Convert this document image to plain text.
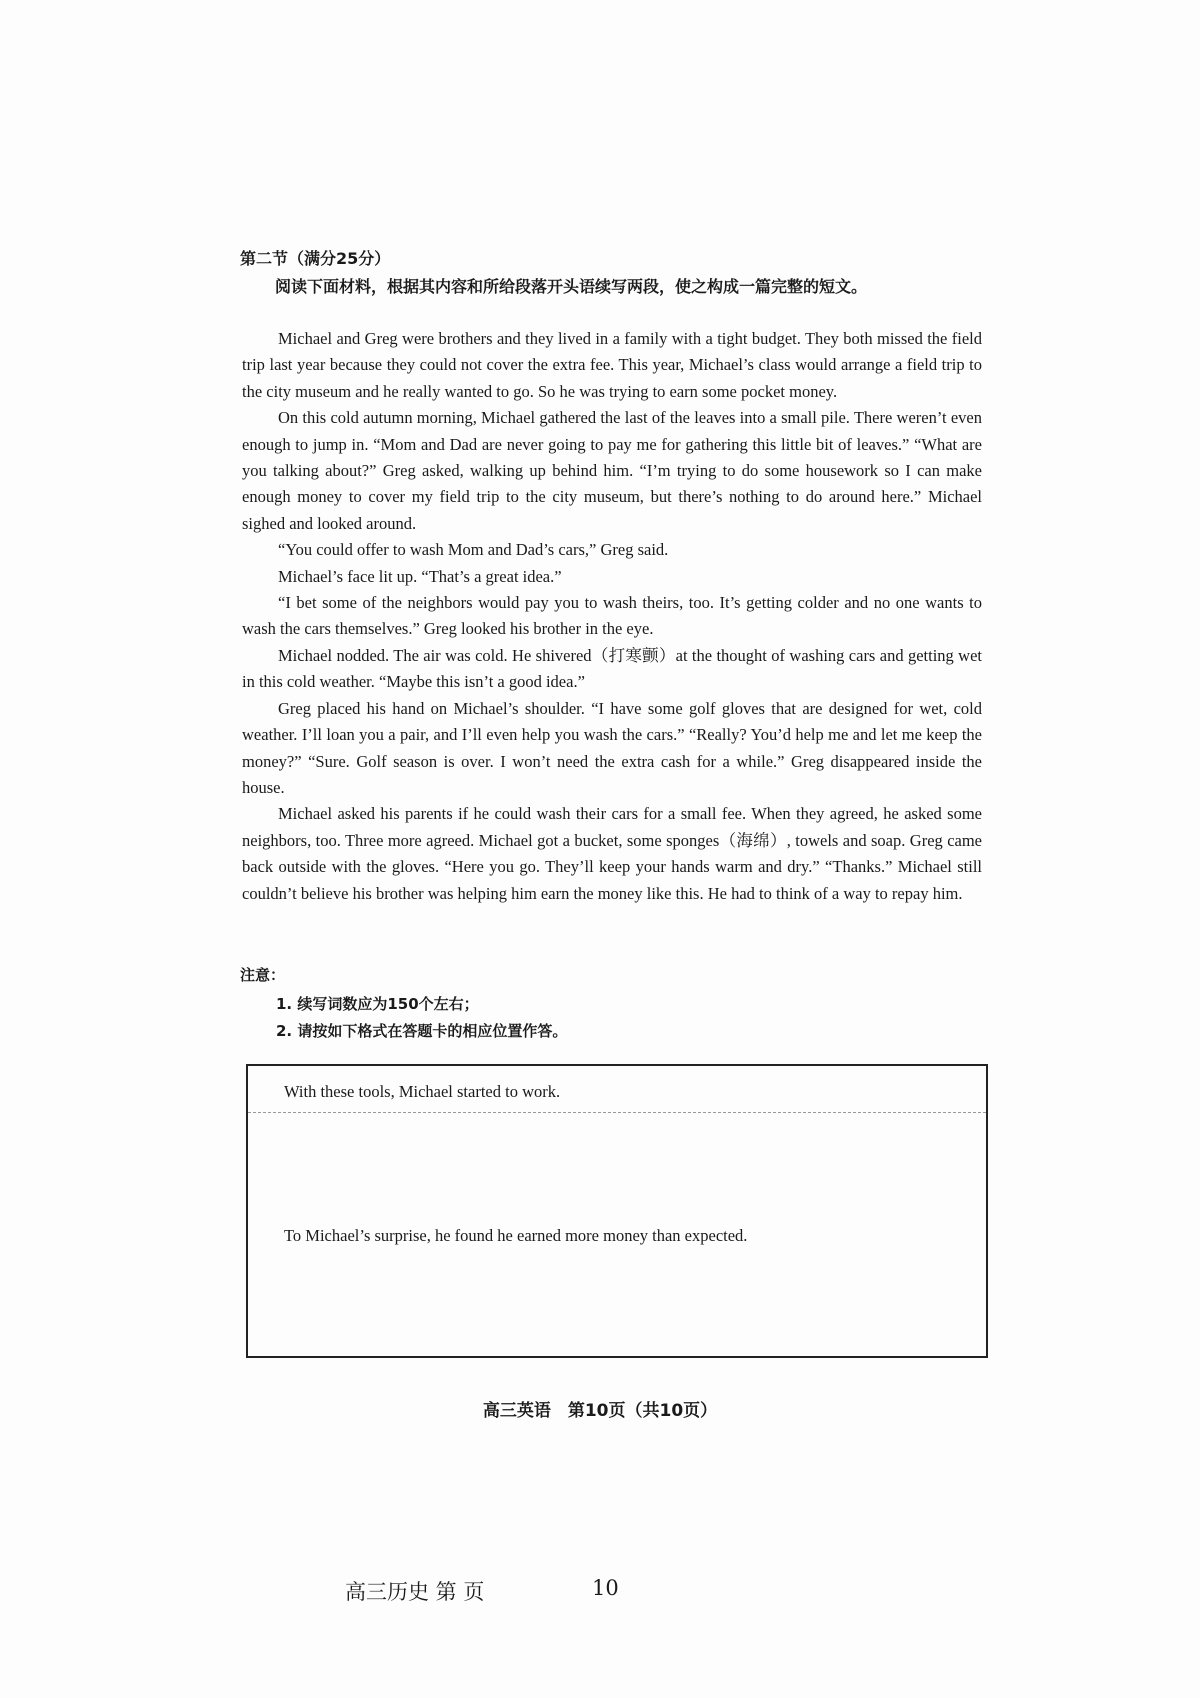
第二节（满分25分）
阅读下面材料，根据其内容和所给段落开头语续写两段，使之构成一篇完整的短文。

Michael and Greg were brothers and they lived in a family with a tight budget. They both missed the field trip last year because they could not cover the extra fee. This year, Michael’s class would arrange a field trip to the city museum and he really wanted to go. So he was trying to earn some pocket money.

On this cold autumn morning, Michael gathered the last of the leaves into a small pile. There weren’t even enough to jump in. “Mom and Dad are never going to pay me for gathering this little bit of leaves.” “What are you talking about?” Greg asked, walking up behind him. “I’m trying to do some housework so I can make enough money to cover my field trip to the city museum, but there’s nothing to do around here.” Michael sighed and looked around.

“You could offer to wash Mom and Dad’s cars,” Greg said.

Michael’s face lit up. “That’s a great idea.”

“I bet some of the neighbors would pay you to wash theirs, too. It’s getting colder and no one wants to wash the cars themselves.” Greg looked his brother in the eye.

Michael nodded. The air was cold. He shivered（打寒颤）at the thought of washing cars and getting wet in this cold weather. “Maybe this isn’t a good idea.”

Greg placed his hand on Michael’s shoulder. “I have some golf gloves that are designed for wet, cold weather. I’ll loan you a pair, and I’ll even help you wash the cars.” “Really? You’d help me and let me keep the money?” “Sure. Golf season is over. I won’t need the extra cash for a while.” Greg disappeared inside the house.

Michael asked his parents if he could wash their cars for a small fee. When they agreed, he asked some neighbors, too. Three more agreed. Michael got a bucket, some sponges（海绵）, towels and soap. Greg came back outside with the gloves. “Here you go. They’ll keep your hands warm and dry.” “Thanks.” Michael still couldn’t believe his brother was helping him earn the money like this. He had to think of a way to repay him.

注意：
1. 续写词数应为150个左右；
2. 请按如下格式在答题卡的相应位置作答。
With these tools, Michael started to work.
To Michael’s surprise, he found he earned more money than expected.
高三英语　第10页（共10页）
高三历史 第 页	10
